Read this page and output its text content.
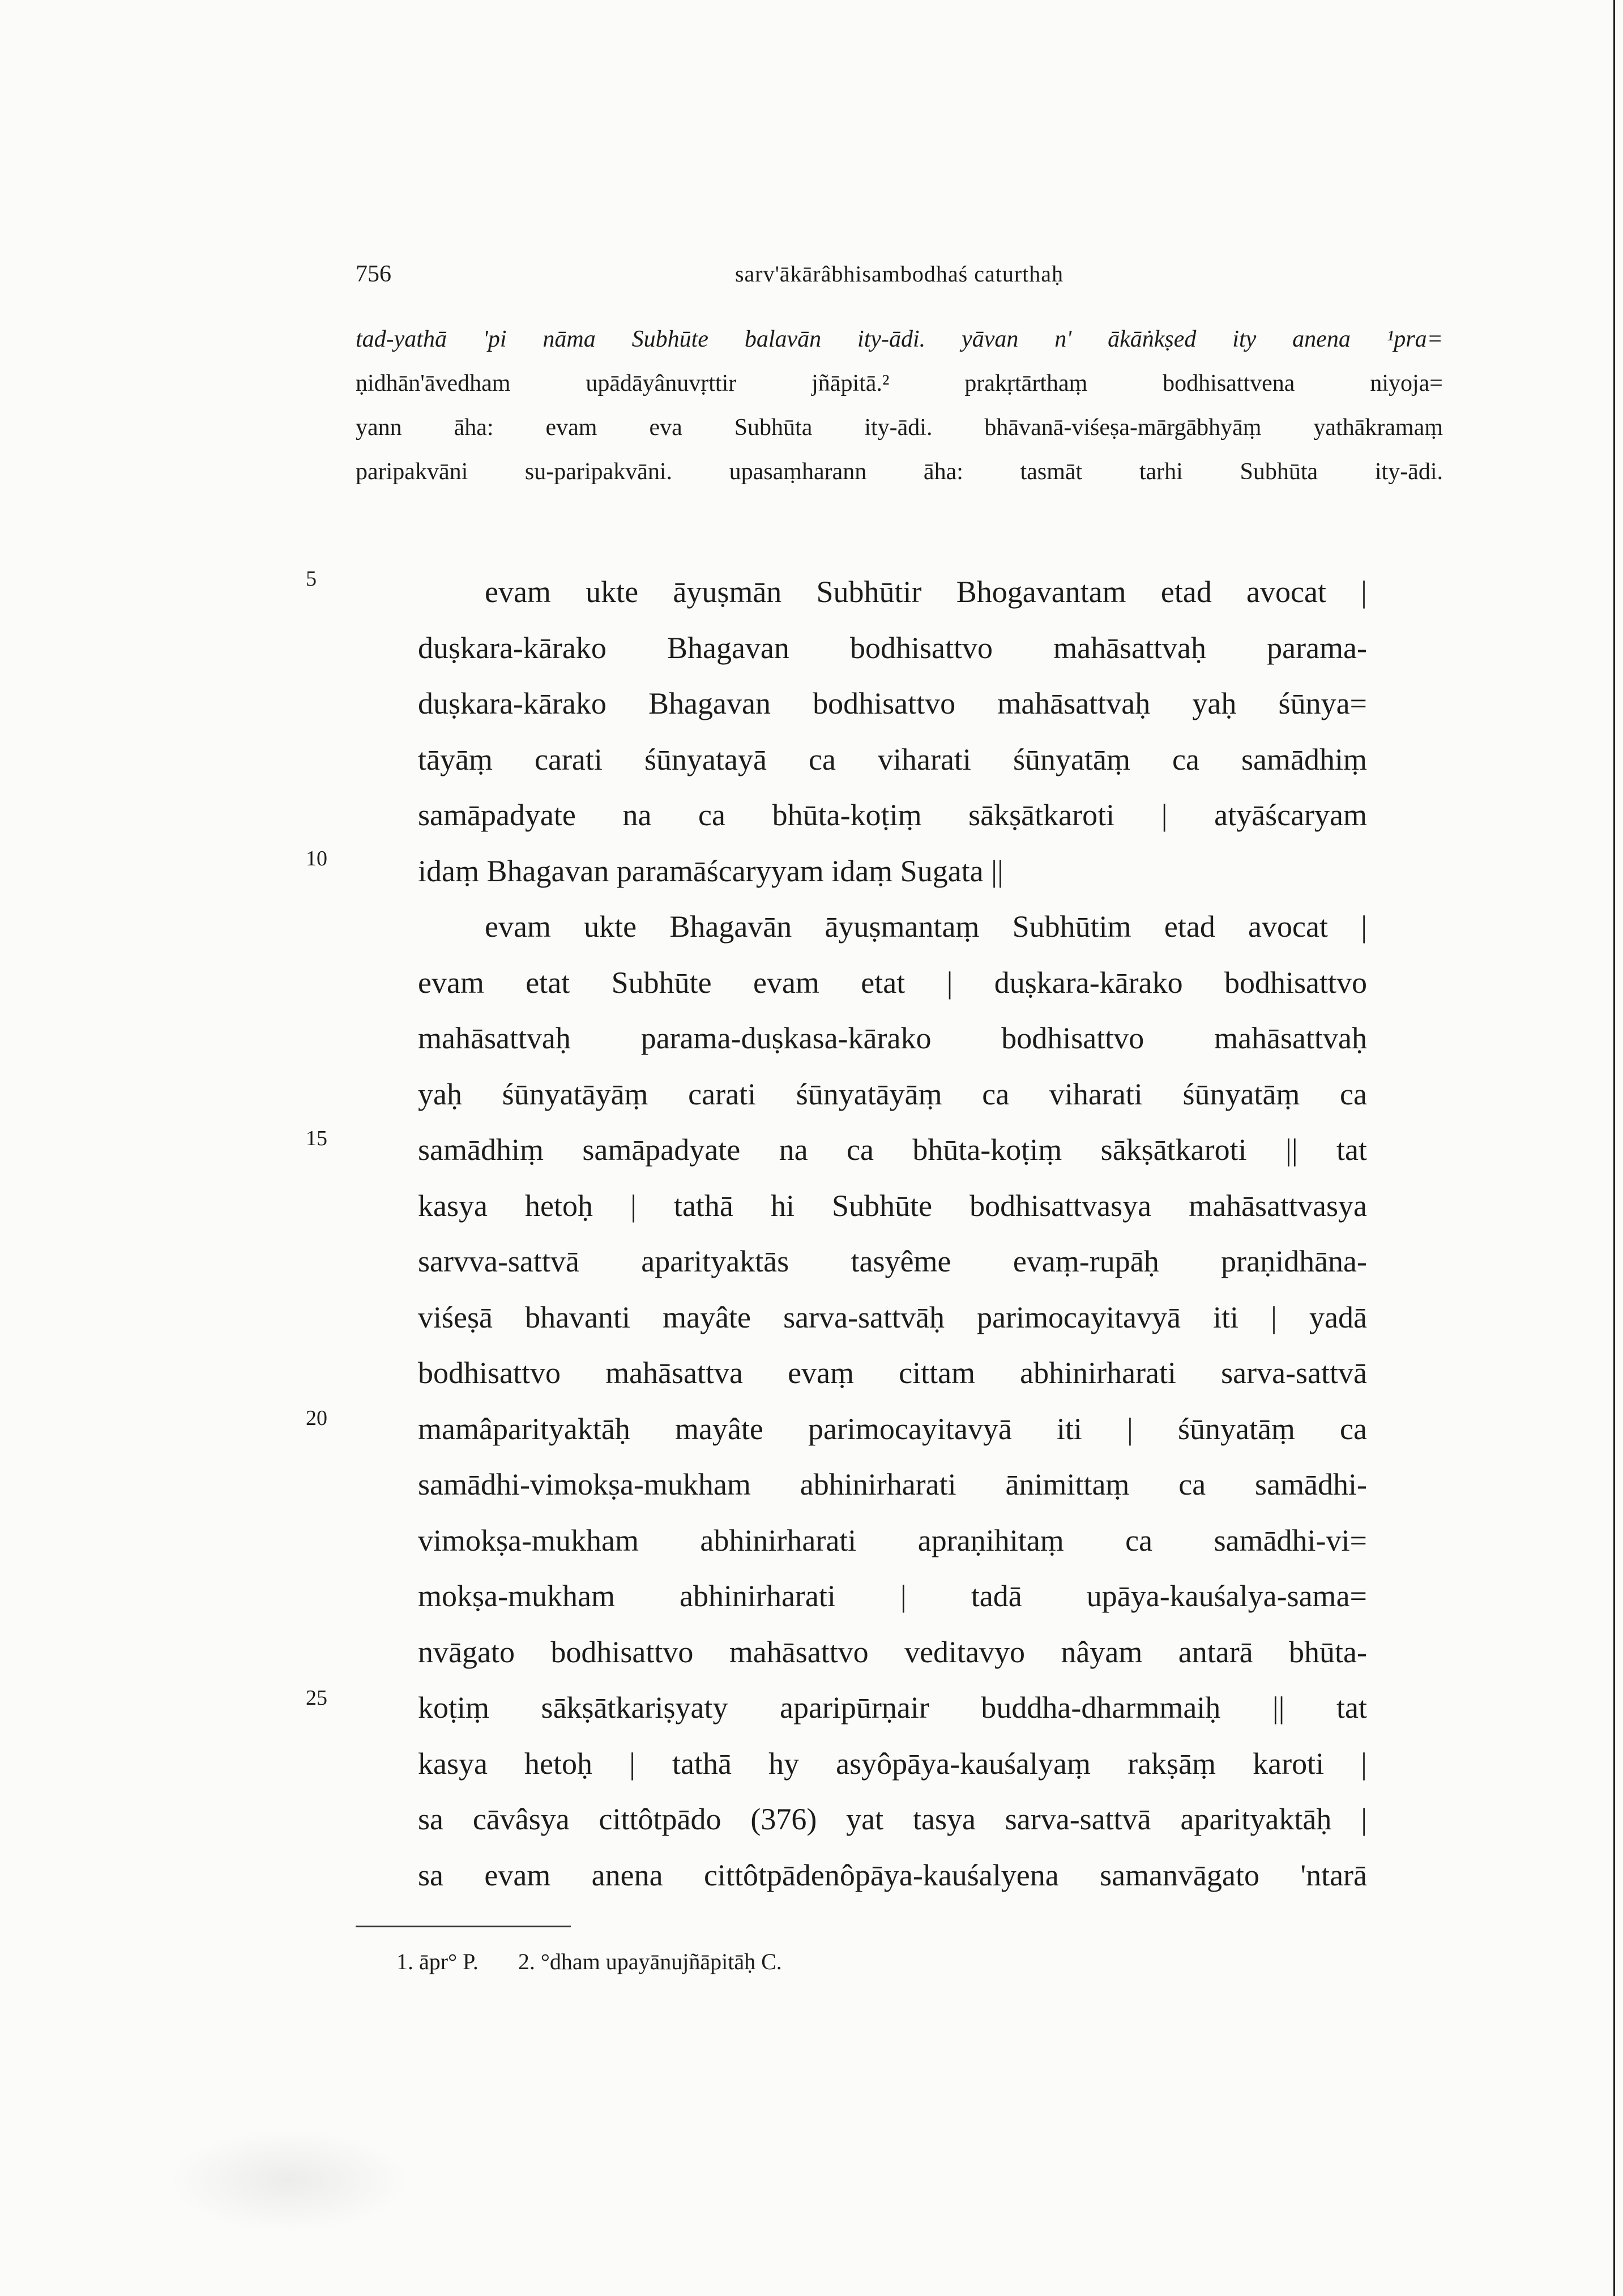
756	sarv'ākārâbhisambodhaś caturthaḥ
tad-yathā 'pi nāma Subhūte balavān ity-ādi. yāvan n' ākāṅkṣed ity anena ¹pra=
ṇidhān'āvedham upādāyânuvṛttir jñāpitā.² prakṛtārthaṃ bodhisattvena niyoja=
yann āha: evam eva Subhūta ity-ādi. bhāvanā-viśeṣa-mārgābhyāṃ yathākramaṃ
paripakvāni su-paripakvāni. upasaṃharann āha: tasmāt tarhi Subhūta ity-ādi.
5
10
15
20
25
evam ukte āyuṣmān Subhūtir Bhogavantam etad avocat |
duṣkara-kārako Bhagavan bodhisattvo mahāsattvaḥ parama-
duṣkara-kārako Bhagavan bodhisattvo mahāsattvaḥ yaḥ śūnya=
tāyāṃ carati śūnyatayā ca viharati śūnyatāṃ ca samādhiṃ
samāpadyate na ca bhūta-koṭiṃ sākṣātkaroti | atyāścaryam
idaṃ Bhagavan paramāścaryyam idaṃ Sugata ||
evam ukte Bhagavān āyuṣmantaṃ Subhūtim etad avocat |
evam etat Subhūte evam etat | duṣkara-kārako bodhisattvo
mahāsattvaḥ parama-duṣkasa-kārako bodhisattvo mahāsattvaḥ
yaḥ śūnyatāyāṃ carati śūnyatāyāṃ ca viharati śūnyatāṃ ca
samādhiṃ samāpadyate na ca bhūta-koṭiṃ sākṣātkaroti || tat
kasya hetoḥ | tathā hi Subhūte bodhisattvasya mahāsattvasya
sarvva-sattvā aparityaktās tasyême evaṃ-rupāḥ praṇidhāna-
viśeṣā bhavanti mayâte sarva-sattvāḥ parimocayitavyā iti | yadā
bodhisattvo mahāsattva evaṃ cittam abhinirharati sarva-sattvā
mamâparityaktāḥ mayâte parimocayitavyā iti | śūnyatāṃ ca
samādhi-vimokṣa-mukham abhinirharati ānimittaṃ ca samādhi-
vimokṣa-mukham abhinirharati apraṇihitaṃ ca samādhi-vi=
mokṣa-mukham abhinirharati | tadā upāya-kauśalya-sama=
nvāgato bodhisattvo mahāsattvo veditavyo nâyam antarā bhūta-
koṭiṃ sākṣātkariṣyaty aparipūrṇair buddha-dharmmaiḥ || tat
kasya hetoḥ | tathā hy asyôpāya-kauśalyaṃ rakṣāṃ karoti |
sa cāvâsya cittôtpādo (376) yat tasya sarva-sattvā aparityaktāḥ |
sa evam anena cittôtpādenôpāya-kauśalyena samanvāgato 'ntarā
1. āpr° P. 2. °dham upayānujñāpitāḥ C.
